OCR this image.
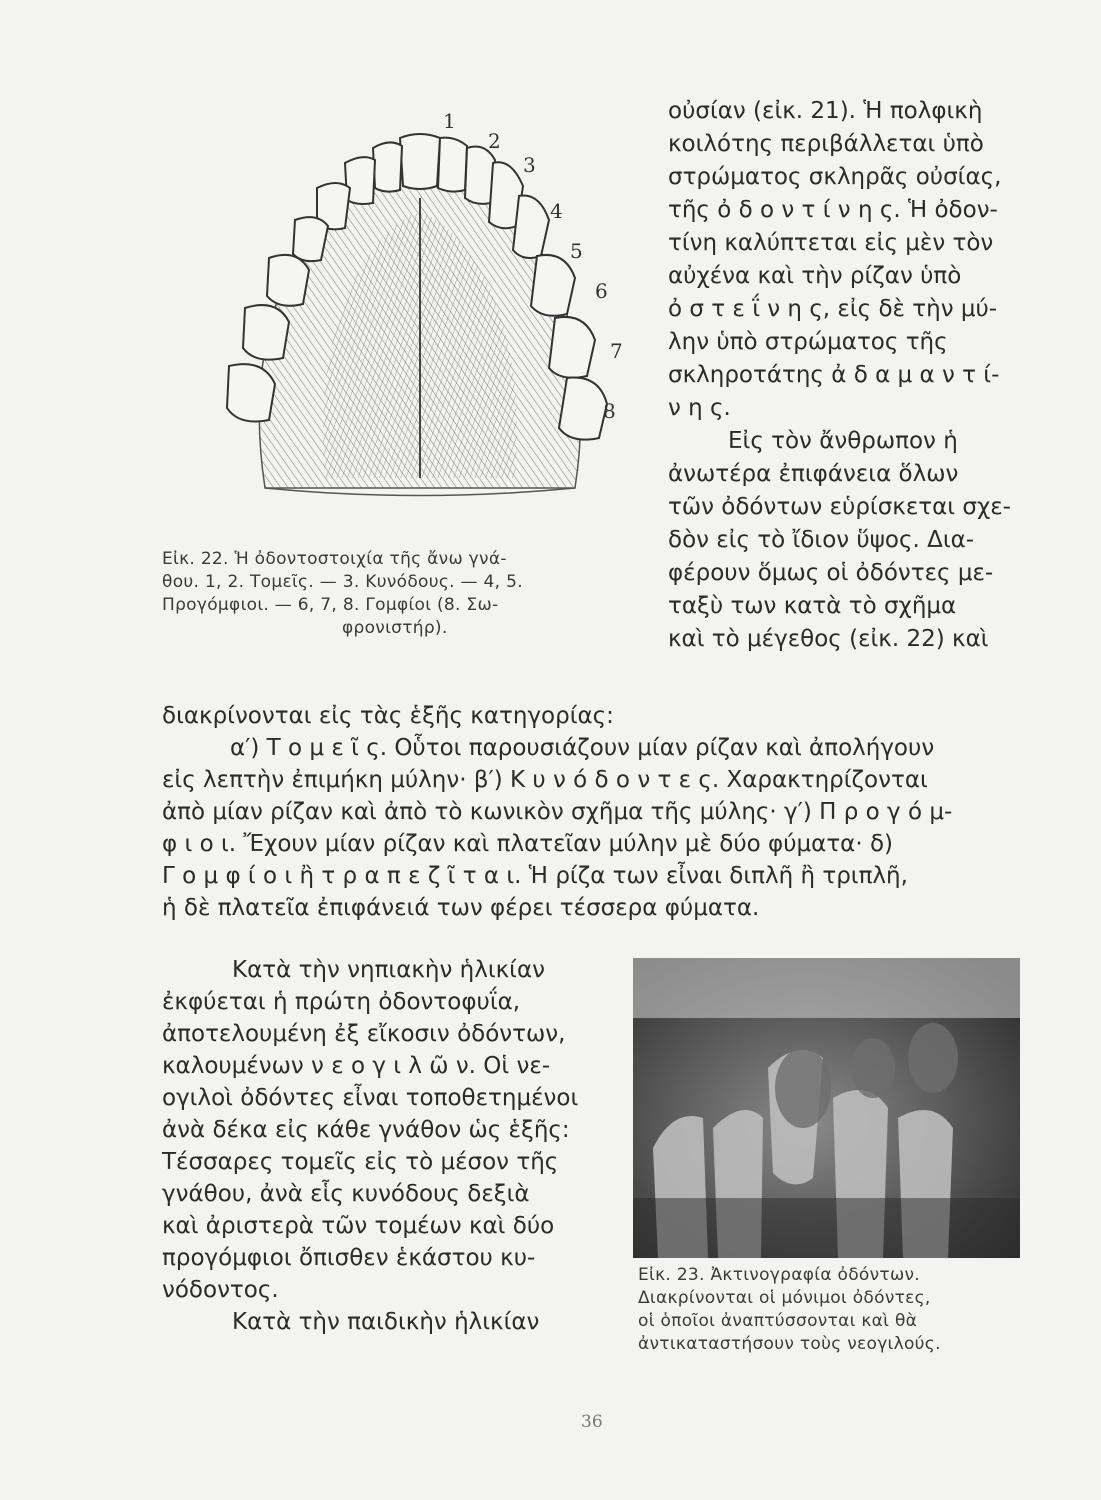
1
2
3
4
5
6
7
8
Εἰκ. 22. Ἡ ὀδοντοστοιχία τῆς ἄνω γνά-
θου. 1, 2. Τομεῖς. — 3. Κυνόδους. — 4, 5.
Προγόμφιοι. — 6, 7, 8. Γομφίοι (8. Σω-
φρονιστήρ).
οὐσίαν (εἰκ. 21). Ἡ πολφικὴ
κοιλότης περιβάλλεται ὑπὸ
στρώματος σκληρᾶς οὐσίας,
τῆς ὀ δ ο ν τ ί ν η ς. Ἡ ὀδον-
τίνη καλύπτεται εἰς μὲν τὸν
αὐχένα καὶ τὴν ρίζαν ὑπὸ
ὀ σ τ ε ΐ ν η ς, εἰς δὲ τὴν μύ-
λην ὑπὸ στρώματος τῆς
σκληροτάτης ἀ δ α μ α ν τ ί-
ν η ς.
Εἰς τὸν ἄνθρωπον ἡ
ἀνωτέρα ἐπιφάνεια ὅλων
τῶν ὀδόντων εὑρίσκεται σχε-
δὸν εἰς τὸ ἴδιον ὕψος. Δια-
φέρουν ὅμως οἱ ὀδόντες με-
ταξὺ των κατὰ τὸ σχῆμα
καὶ τὸ μέγεθος (εἰκ. 22) καὶ
διακρίνονται εἰς τὰς ἑξῆς κατηγορίας:
α′) Τ ο μ ε ῖ ς. Οὗτοι παρουσιάζουν μίαν ρίζαν καὶ ἀπολήγουν
εἰς λεπτὴν ἐπιμήκη μύλην· β′) Κ υ ν ό δ ο ν τ ε ς. Χαρακτηρίζονται
ἀπὸ μίαν ρίζαν καὶ ἀπὸ τὸ κωνικὸν σχῆμα τῆς μύλης· γ′) Π ρ ο γ ό μ-
φ ι ο ι. Ἔχουν μίαν ρίζαν καὶ πλατεῖαν μύλην μὲ δύο φύματα· δ)
Γ ο μ φ ί ο ι ἢ τ ρ α π ε ζ ῖ τ α ι. Ἡ ρίζα των εἶναι διπλῆ ἢ τριπλῆ,
ἡ δὲ πλατεῖα ἐπιφάνειά των φέρει τέσσερα φύματα.
Κατὰ τὴν νηπιακὴν ἡλικίαν
ἐκφύεται ἡ πρώτη ὀδοντοφυΐα,
ἀποτελουμένη ἐξ εἴκοσιν ὀδόντων,
καλουμένων ν ε ο γ ι λ ῶ ν. Οἱ νε-
ογιλοὶ ὀδόντες εἶναι τοποθετημένοι
ἀνὰ δέκα εἰς κάθε γνάθον ὡς ἑξῆς:
Τέσσαρες τομεῖς εἰς τὸ μέσον τῆς
γνάθου, ἀνὰ εἷς κυνόδους δεξιὰ
καὶ ἀριστερὰ τῶν τομέων καὶ δύο
προγόμφιοι ὄπισθεν ἑκάστου κυ-
νόδοντος.
Κατὰ τὴν παιδικὴν ἡλικίαν
Εἰκ. 23. Ἀκτινογραφία ὀδόντων.
Διακρίνονται οἱ μόνιμοι ὀδόντες,
οἱ ὁποῖοι ἀναπτύσσονται καὶ θὰ
ἀντικαταστήσουν τοὺς νεογιλούς.
36
